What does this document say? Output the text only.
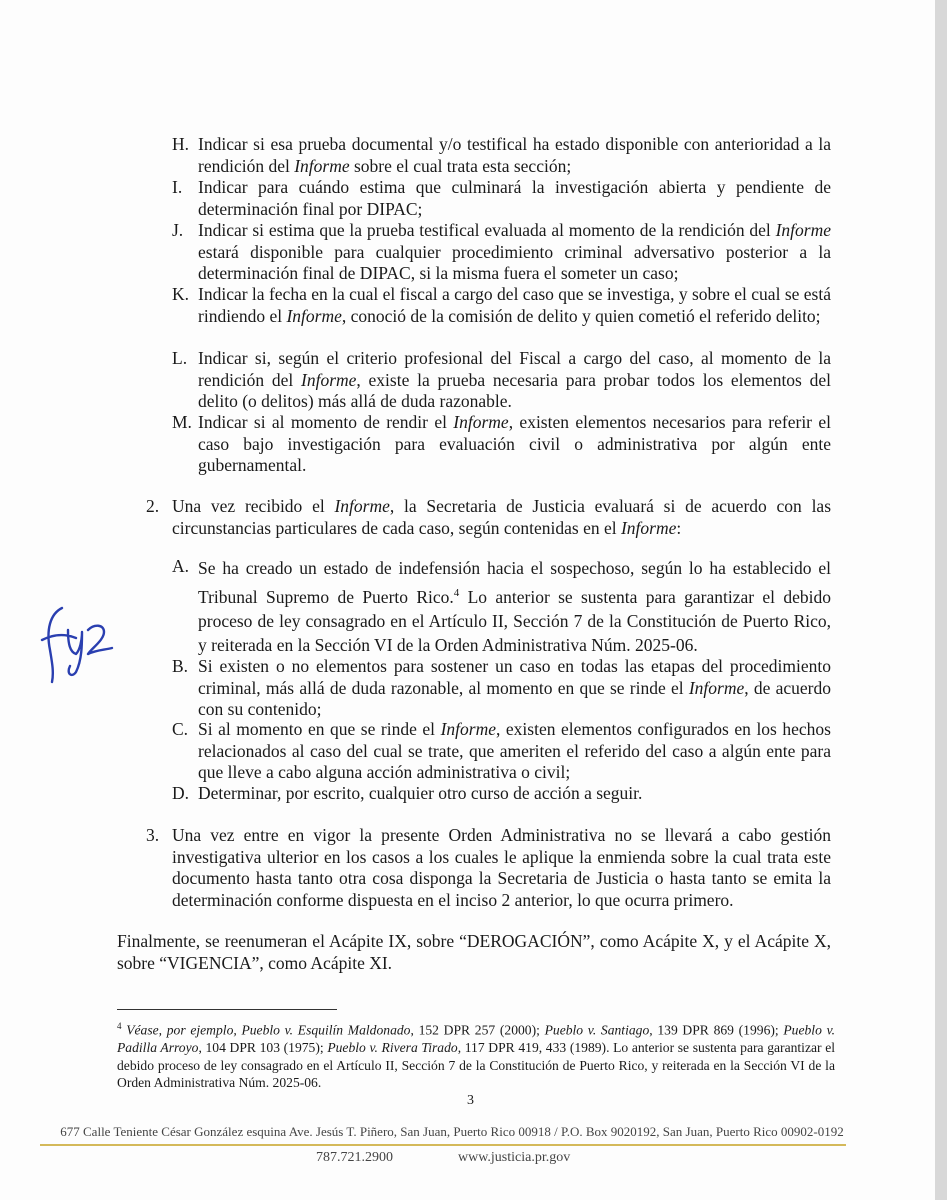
H. Indicar si esa prueba documental y/o testifical ha estado disponible con anterioridad a la rendición del Informe sobre el cual trata esta sección;
I. Indicar para cuándo estima que culminará la investigación abierta y pendiente de determinación final por DIPAC;
J. Indicar si estima que la prueba testifical evaluada al momento de la rendición del Informe estará disponible para cualquier procedimiento criminal adversativo posterior a la determinación final de DIPAC, si la misma fuera el someter un caso;
K. Indicar la fecha en la cual el fiscal a cargo del caso que se investiga, y sobre el cual se está rindiendo el Informe, conoció de la comisión de delito y quien cometió el referido delito;
L. Indicar si, según el criterio profesional del Fiscal a cargo del caso, al momento de la rendición del Informe, existe la prueba necesaria para probar todos los elementos del delito (o delitos) más allá de duda razonable.
M. Indicar si al momento de rendir el Informe, existen elementos necesarios para referir el caso bajo investigación para evaluación civil o administrativa por algún ente gubernamental.
2. Una vez recibido el Informe, la Secretaria de Justicia evaluará si de acuerdo con las circunstancias particulares de cada caso, según contenidas en el Informe:
A. Se ha creado un estado de indefensión hacia el sospechoso, según lo ha establecido el Tribunal Supremo de Puerto Rico.$^4$ Lo anterior se sustenta para garantizar el debido proceso de ley consagrado en el Artículo II, Sección 7 de la Constitución de Puerto Rico, y reiterada en la Sección VI de la Orden Administrativa Núm. 2025-06.
B. Si existen o no elementos para sostener un caso en todas las etapas del procedimiento criminal, más allá de duda razonable, al momento en que se rinde el Informe, de acuerdo con su contenido;
C. Si al momento en que se rinde el Informe, existen elementos configurados en los hechos relacionados al caso del cual se trate, que ameriten el referido del caso a algún ente para que lleve a cabo alguna acción administrativa o civil;
D. Determinar, por escrito, cualquier otro curso de acción a seguir.
3. Una vez entre en vigor la presente Orden Administrativa no se llevará a cabo gestión investigativa ulterior en los casos a los cuales le aplique la enmienda sobre la cual trata este documento hasta tanto otra cosa disponga la Secretaria de Justicia o hasta tanto se emita la determinación conforme dispuesta en el inciso 2 anterior, lo que ocurra primero.
Finalmente, se reenumeran el Acápite IX, sobre “DEROGACIÓN”, como Acápite X, y el Acápite X, sobre “VIGENCIA”, como Acápite XI.
$^4$ Véase, por ejemplo, Pueblo v. Esquilín Maldonado, 152 DPR 257 (2000); Pueblo v. Santiago, 139 DPR 869 (1996); Pueblo v. Padilla Arroyo, 104 DPR 103 (1975); Pueblo v. Rivera Tirado, 117 DPR 419, 433 (1989). Lo anterior se sustenta para garantizar el debido proceso de ley consagrado en el Artículo II, Sección 7 de la Constitución de Puerto Rico, y reiterada en la Sección VI de la Orden Administrativa Núm. 2025-06.
3
677 Calle Teniente César González esquina Ave. Jesús T. Piñero, San Juan, Puerto Rico 00918 / P.O. Box 9020192, San Juan, Puerto Rico 00902-0192
787.721.2900	www.justicia.pr.gov
